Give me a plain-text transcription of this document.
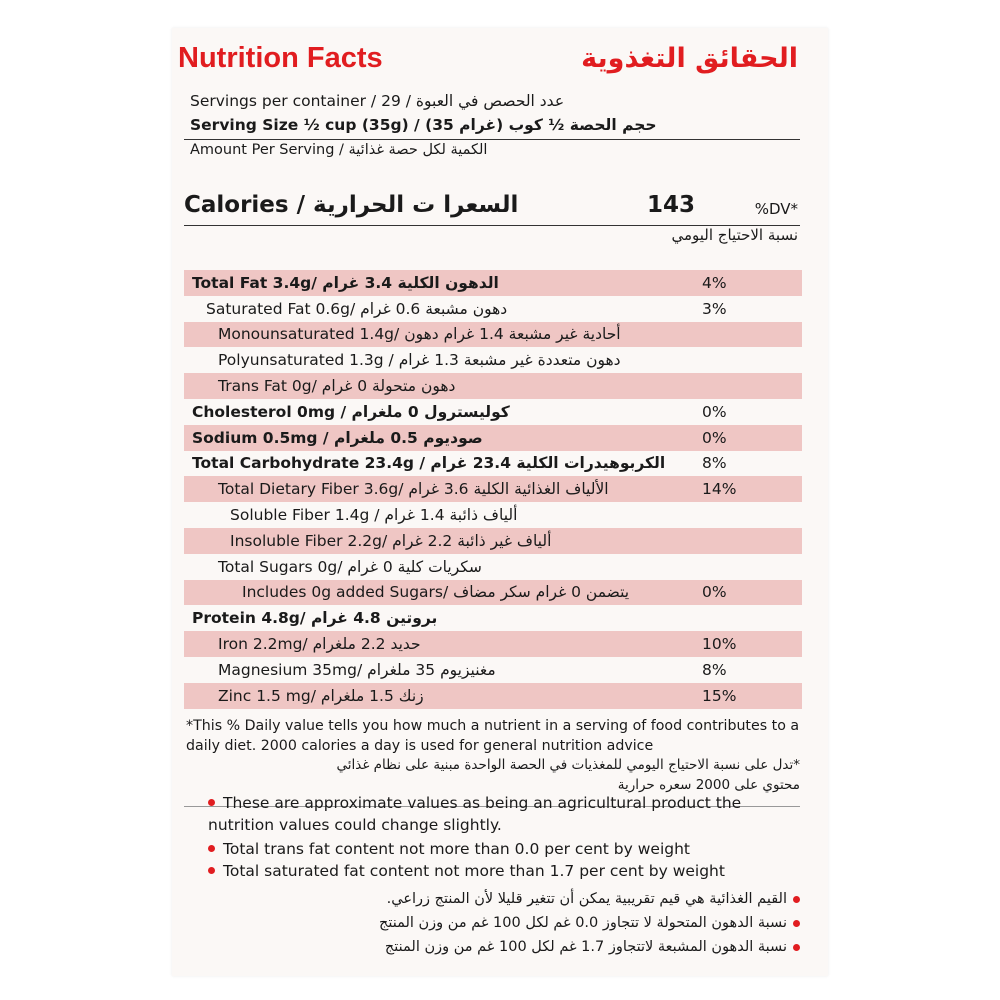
Nutrition Facts	الحقائق التغذوية
Servings per container / 29 / عدد الحصص في العبوة
Serving Size ½ cup (35g) / (35 غرام) حجم الحصة ½ كوب
Amount Per Serving / الكمية لكل حصة غذائية
Calories / السعرا ت الحرارية	143	%DV*
نسبة الاحتياج اليومي
Total Fat 3.4g/ الدهون الكلية 3.4 غرام	4%
Saturated Fat 0.6g/ دهون مشبعة 0.6 غرام	3%
Monounsaturated 1.4g/ أحادية غير مشبعة 1.4 غرام دهون
Polyunsaturated 1.3g / دهون متعددة غير مشبعة 1.3 غرام
Trans Fat 0g/ دهون متحولة 0 غرام
Cholesterol 0mg / كوليسترول 0 ملغرام	0%
Sodium 0.5mg / صوديوم 0.5 ملغرام	0%
Total Carbohydrate 23.4g / الكربوهيدرات الكلية 23.4 غرام 8%
Total Dietary Fiber 3.6g/ الألياف الغذائية الكلية 3.6 غرام	14%
Soluble Fiber 1.4g / ألياف ذائبة 1.4 غرام
Insoluble Fiber 2.2g/ ألياف غير ذائبة 2.2 غرام
Total Sugars 0g/ سكريات كلية 0 غرام
Includes 0g added Sugars/ يتضمن 0 غرام سكر مضاف	0%
Protein 4.8g/ بروتين 4.8 غرام
Iron 2.2mg/ حديد 2.2 ملغرام	10%
Magnesium 35mg/ مغنيزيوم 35 ملغرام	8%
Zinc 1.5 mg/ زنك 1.5 ملغرام	15%
*This % Daily value tells you how much a nutrient in a serving of food contributes to a daily diet. 2000 calories a day is used for general nutrition advice
*تدل على نسبة الاحتياج اليومي للمغذيات في الحصة الواحدة مبنية على نظام غذائي
محتوي على 2000 سعره حرارية
These are approximate values as being an agricultural product the nutrition values could change slightly.
Total trans fat content not more than 0.0 per cent by weight
Total saturated fat content not more than 1.7 per cent by weight
القيم الغذائية هي قيم تقريبية يمكن أن تتغير قليلا لأن المنتج زراعي.
نسبة الدهون المتحولة لا تتجاوز 0.0 غم لكل 100 غم من وزن المنتج
نسبة الدهون المشبعة لاتتجاوز 1.7 غم لكل 100 غم من وزن المنتج
